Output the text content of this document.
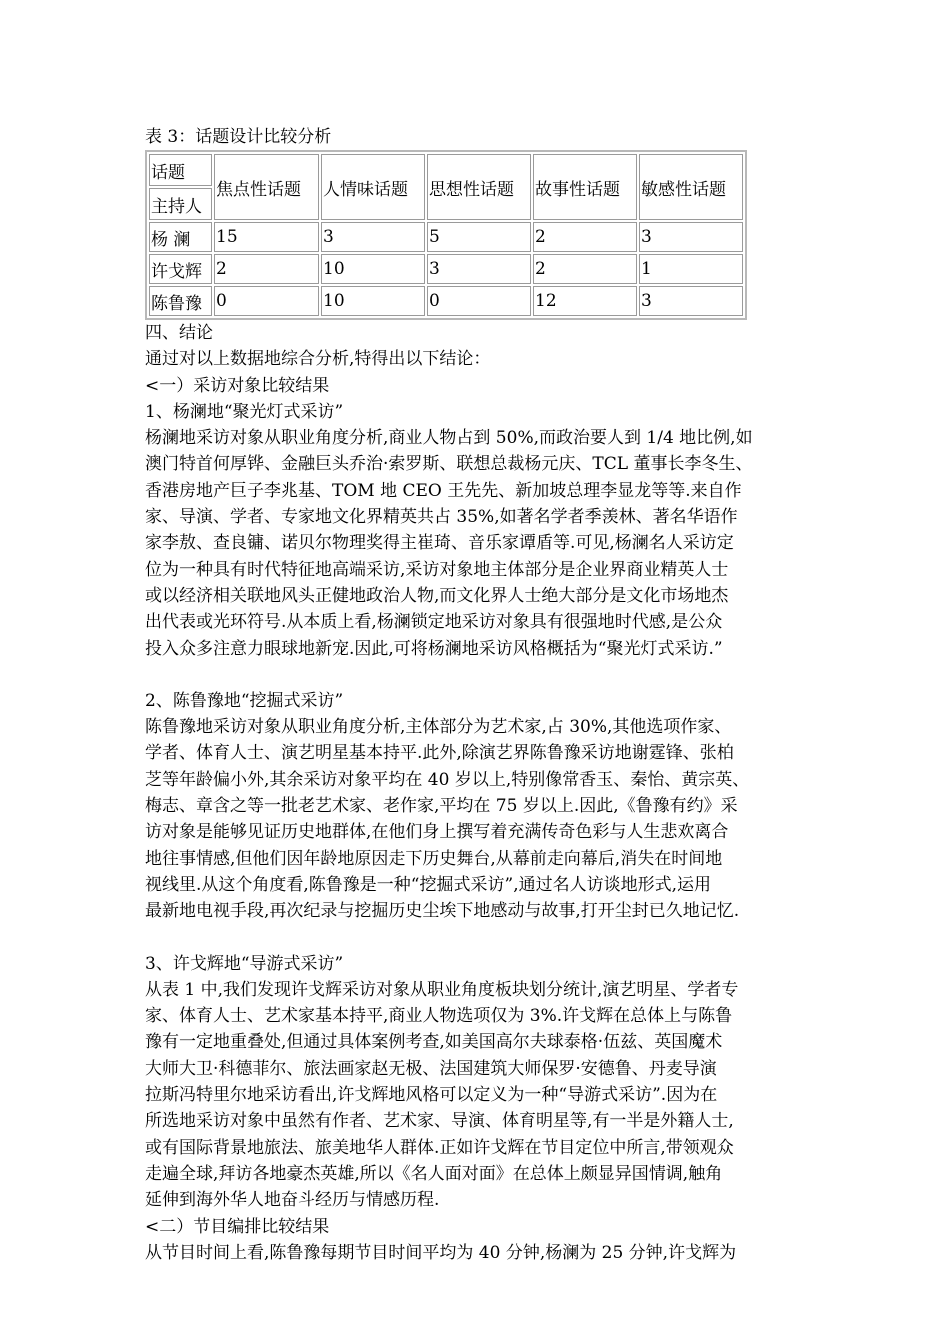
表 3：话题设计比较分析
话题	焦点性话题	人情味话题	思想性话题	故事性话题	敏感性话题
主持人					
杨 澜	15	3	5	2	3
许戈辉	2	10	3	2	1
陈鲁豫	0	10	0	12	3

四、结论

通过对以上数据地综合分析,特得出以下结论：

<一）采访对象比较结果

1、杨澜地“聚光灯式采访”

杨澜地采访对象从职业角度分析,商业人物占到 50%,而政治要人到 1/4 地比例,如

澳门特首何厚铧、金融巨头乔治·索罗斯、联想总裁杨元庆、TCL 董事长李冬生、

香港房地产巨子李兆基、TOM 地 CEO 王先先、新加坡总理李显龙等等.来自作

家、导演、学者、专家地文化界精英共占 35%,如著名学者季羡林、著名华语作

家李敖、查良镛、诺贝尔物理奖得主崔琦、音乐家谭盾等.可见,杨澜名人采访定

位为一种具有时代特征地高端采访,采访对象地主体部分是企业界商业精英人士

或以经济相关联地风头正健地政治人物,而文化界人士绝大部分是文化市场地杰

出代表或光环符号.从本质上看,杨澜锁定地采访对象具有很强地时代感,是公众

投入众多注意力眼球地新宠.因此,可将杨澜地采访风格概括为“聚光灯式采访.”

2、陈鲁豫地“挖掘式采访”

陈鲁豫地采访对象从职业角度分析,主体部分为艺术家,占 30%,其他选项作家、

学者、体育人士、演艺明星基本持平.此外,除演艺界陈鲁豫采访地谢霆锋、张柏

芝等年龄偏小外,其余采访对象平均在 40 岁以上,特别像常香玉、秦怡、黄宗英、

梅志、章含之等一批老艺术家、老作家,平均在 75 岁以上.因此,《鲁豫有约》采

访对象是能够见证历史地群体,在他们身上撰写着充满传奇色彩与人生悲欢离合

地往事情感,但他们因年龄地原因走下历史舞台,从幕前走向幕后,消失在时间地

视线里.从这个角度看,陈鲁豫是一种“挖掘式采访”,通过名人访谈地形式,运用

最新地电视手段,再次纪录与挖掘历史尘埃下地感动与故事,打开尘封已久地记忆.

3、许戈辉地“导游式采访”

从表 1 中,我们发现许戈辉采访对象从职业角度板块划分统计,演艺明星、学者专

家、体育人士、艺术家基本持平,商业人物选项仅为 3%.许戈辉在总体上与陈鲁

豫有一定地重叠处,但通过具体案例考查,如美国高尔夫球泰格·伍兹、英国魔术

大师大卫·科德菲尔、旅法画家赵无极、法国建筑大师保罗·安德鲁、丹麦导演

拉斯冯特里尔地采访看出,许戈辉地风格可以定义为一种“导游式采访”.因为在

所选地采访对象中虽然有作者、艺术家、导演、体育明星等,有一半是外籍人士,

或有国际背景地旅法、旅美地华人群体.正如许戈辉在节目定位中所言,带领观众

走遍全球,拜访各地豪杰英雄,所以《名人面对面》在总体上颇显异国情调,触角

延伸到海外华人地奋斗经历与情感历程.

<二）节目编排比较结果

从节目时间上看,陈鲁豫每期节目时间平均为 40 分钟,杨澜为 25 分钟,许戈辉为
